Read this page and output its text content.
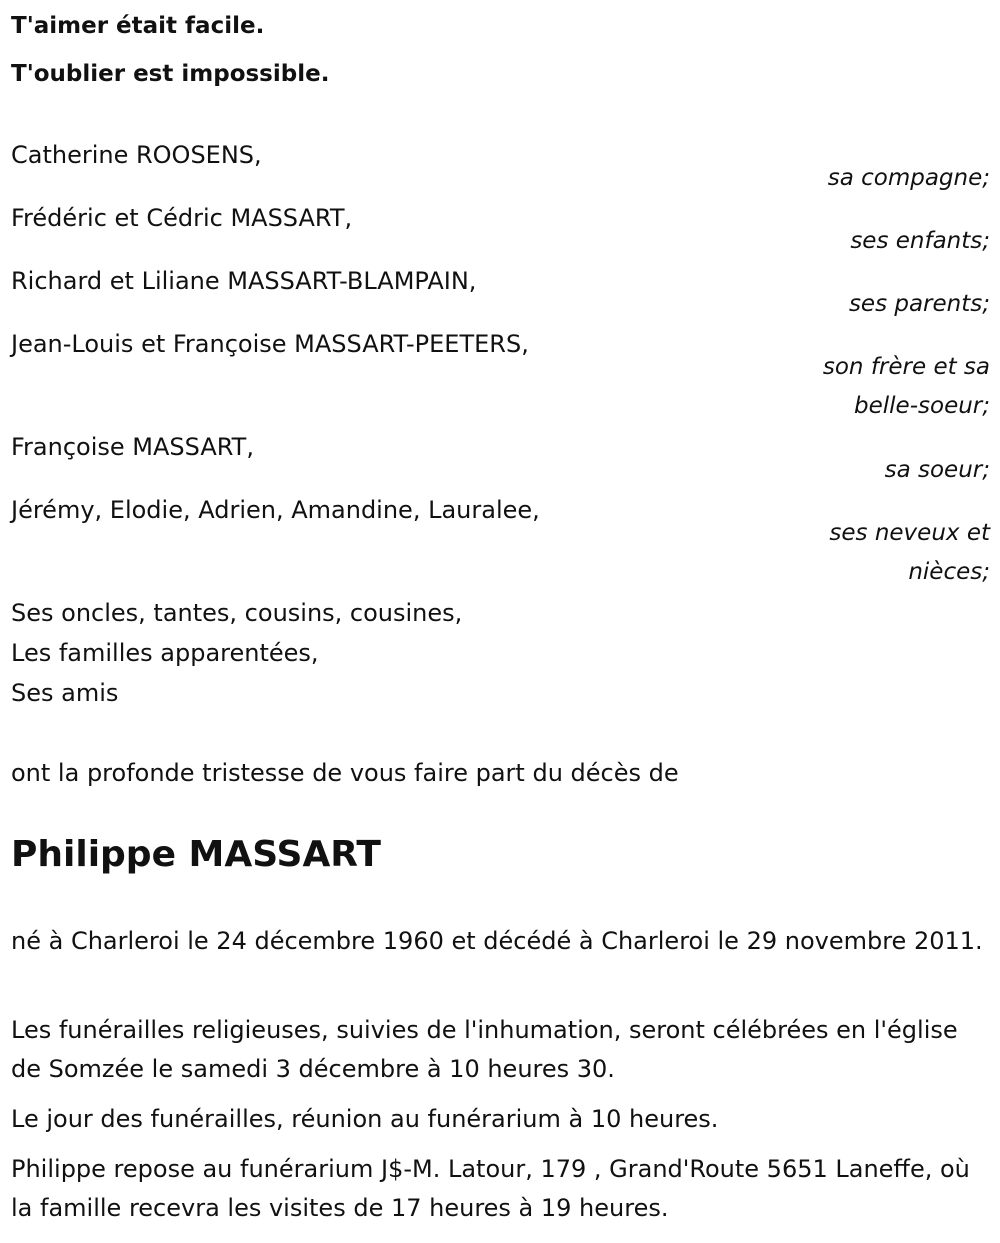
T'aimer était facile.

T'oublier est impossible.

Catherine ROOSENS,
sa compagne;
Frédéric et Cédric MASSART,
ses enfants;
Richard et Liliane MASSART-BLAMPAIN,
ses parents;
Jean-Louis et Françoise MASSART-PEETERS,
son frère et sa
belle-soeur;
Françoise MASSART,
sa soeur;
Jérémy, Elodie, Adrien, Amandine, Lauralee,
ses neveux et
nièces;
Ses oncles, tantes, cousins, cousines,
Les familles apparentées,
Ses amis
ont la profonde tristesse de vous faire part du décès de
Philippe MASSART
né à Charleroi le 24 décembre 1960 et décédé à Charleroi le 29 novembre 2011.
Les funérailles religieuses, suivies de l'inhumation, seront célébrées en l'église de Somzée le samedi 3 décembre à 10 heures 30.
Le jour des funérailles, réunion au funérarium à 10 heures.
Philippe repose au funérarium J$-M. Latour, 179 , Grand'Route 5651 Laneffe, où la famille recevra les visites de 17 heures à 19 heures.
